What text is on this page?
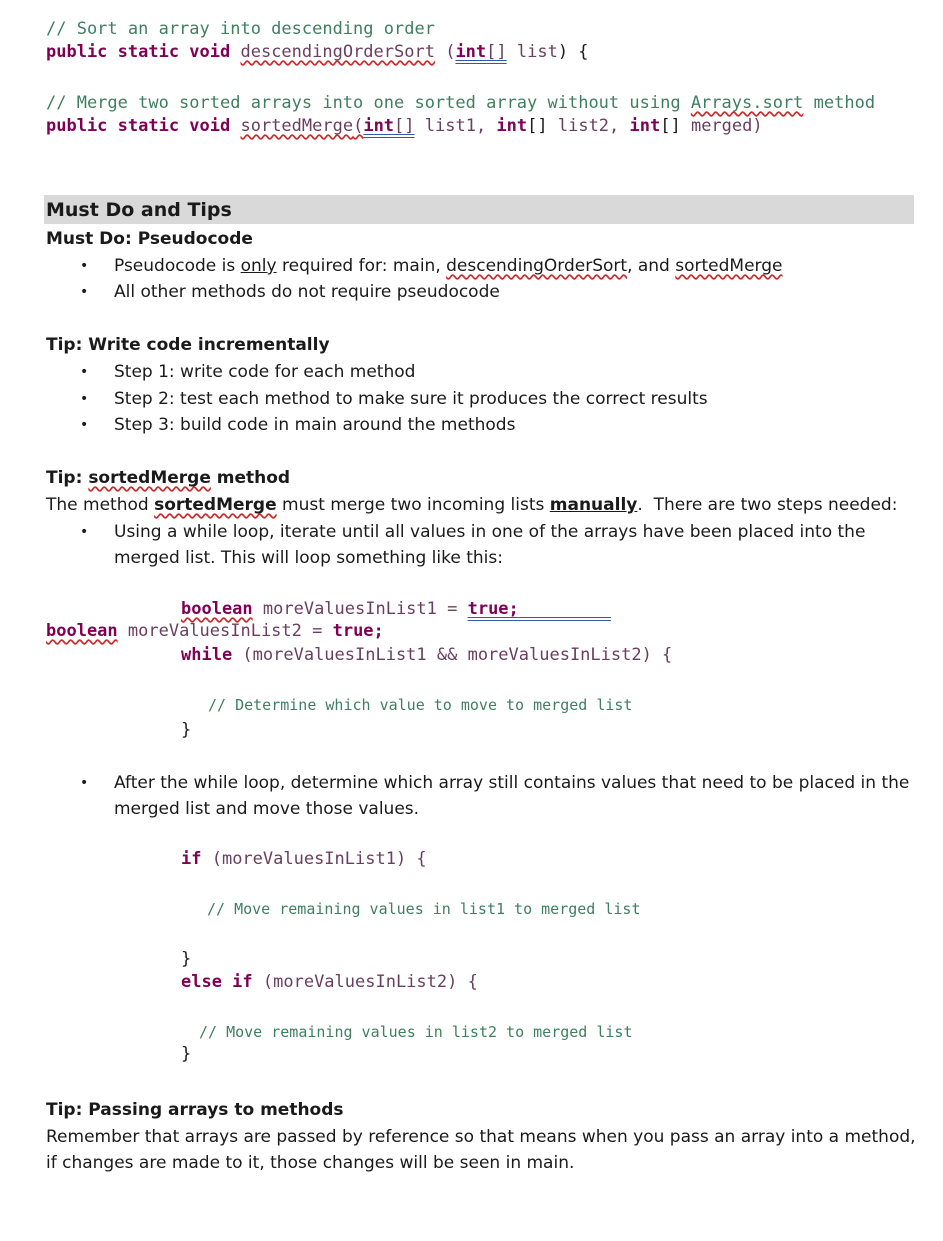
// Sort an array into descending order
public static void descendingOrderSort (int[] list) {
// Merge two sorted arrays into one sorted array without using Arrays.sort method
public static void sortedMerge(int[] list1, int[] list2, int[] merged)
Must Do and Tips
Must Do: Pseudocode
• Pseudocode is only required for: main, descendingOrderSort, and sortedMerge
• All other methods do not require pseudocode
Tip: Write code incrementally
• Step 1: write code for each method
• Step 2: test each method to make sure it produces the correct results
• Step 3: build code in main around the methods
Tip: sortedMerge method
The method sortedMerge must merge two incoming lists manually.  There are two steps needed:
• Using a while loop, iterate until all values in one of the arrays have been placed into the merged list. This will loop something like this:
boolean moreValuesInList1 = true;
boolean moreValuesInList2 = true;
while (moreValuesInList1 && moreValuesInList2) {
// Determine which value to move to merged list
}
• After the while loop, determine which array still contains values that need to be placed in the merged list and move those values.
if (moreValuesInList1) {
// Move remaining values in list1 to merged list
}
else if (moreValuesInList2) {
// Move remaining values in list2 to merged list
}
Tip: Passing arrays to methods
Remember that arrays are passed by reference so that means when you pass an array into a method, if changes are made to it, those changes will be seen in main.
